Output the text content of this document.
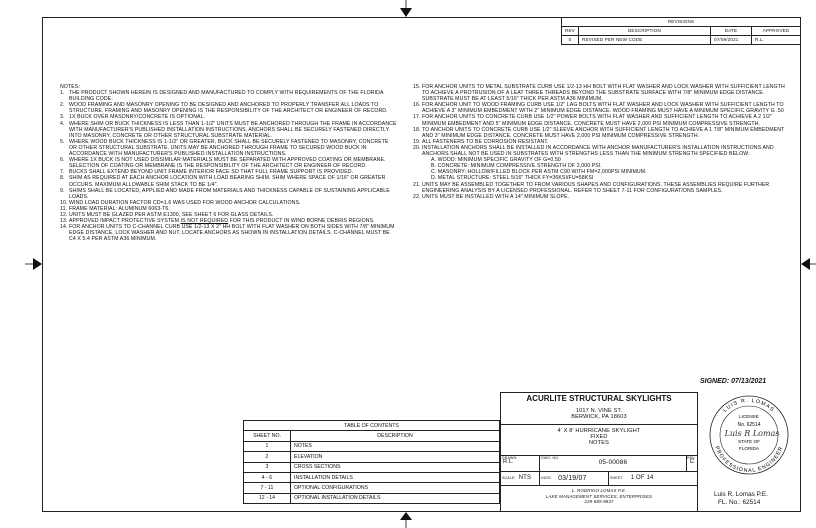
REVISIONS			
REV	DESCRIPTION	DATE	APPROVED
0	REVISED PER NEW CODE	07/09/2021	R.L.
NOTES:
1. THE PRODUCT SHOWN HEREIN IS DESIGNED AND MANUFACTURED TO COMPLY WITH REQUIREMENTS OF THE FLORIDA BUILDING CODE.
2. WOOD FRAMING AND MASONRY OPENING TO BE DESIGNED AND ANCHORED TO PROPERLY TRANSFER ALL LOADS TO STRUCTURE. FRAMING AND MASONRY OPENING IS THE RESPONSIBILITY OF THE ARCHITECT OR ENGINEER OF RECORD.
3. 1X BUCK OVER MASONRY/CONCRETE IS OPTIONAL.
4. WHERE SHIM OR BUCK THICKNESS IS LESS THAN 1-1/2" UNITS MUST BE ANCHORED THROUGH THE FRAME IN ACCORDANCE WITH MANUFACTURER'S PUBLISHED INSTALLATION INSTRUCTIONS. ANCHORS SHALL BE SECURELY FASTENED DIRECTLY INTO MASONRY, CONCRETE OR OTHER STRUCTURAL SUBSTRATE MATERIAL.
5. WHERE WOOD BUCK THICKNESS IS 1-1/2" OR GREATER, BUCK SHALL BE SECURELY FASTENED TO MASONRY, CONCRETE OR OTHER STRUCTURAL SUBSTRATE. UNITS MAY BE ANCHORED THROUGH FRAME TO SECURED WOOD BUCK IN ACCORDANCE WITH MANUFACTURER'S PUBLISHED INSTALLATION INSTRUCTIONS.
6. WHERE 1X BUCK IS NOT USED DISSIMILAR MATERIALS MUST BE SEPARATED WITH APPROVED COATING OR MEMBRANE. SELECTION OF COATING OR MEMBRANE IS THE RESPONSIBILITY OF THE ARCHITECT OR ENGINEER OF RECORD.
7. BUCKS SHALL EXTEND BEYOND UNIT FRAME INTERIOR FACE SO THAT FULL FRAME SUPPORT IS PROVIDED.
8. SHIM AS REQUIRED AT EACH ANCHOR LOCATION WITH LOAD BEARING SHIM. SHIM WHERE SPACE OF 1/16" OR GREATER OCCURS. MAXIMUM ALLOWABLE SHIM STACK TO BE 1/4".
9. SHIMS SHALL BE LOCATED, APPLIED AND MADE FROM MATERIALS AND THICKNESS CAPABLE OF SUSTAINING APPLICABLE LOADS.
10. WIND LOAD DURATION FACTOR CD=1.6 WAS USED FOR WOOD ANCHOR CALCULATIONS.
11. FRAME MATERIAL: ALUMINUM 6063-T6.
12. UNITS MUST BE GLAZED PER ASTM E1300, SEE SHEET 6 FOR GLASS DETAILS.
13. APPROVED IMPACT PROTECTIVE SYSTEM IS NOT REQUIRED FOR THIS PRODUCT IN WIND BORNE DEBRIS REGIONS.
14. FOR ANCHOR UNITS TO C-CHANNEL CURB USE 1/2-13 X 2" HH BOLT WITH FLAT WASHER ON BOTH SIDES WITH 7/8" MINIMUM EDGE DISTANCE, LOCK WASHER AND NUT. LOCATE ANCHORS AS SHOWN IN INSTALLATION DETAILS. C-CHANNEL MUST BE C4 X 5.4 PER ASTM A36 MINIMUM.
15. FOR ANCHOR UNITS TO METAL SUBSTRATE CURB USE 1/2-13 HH BOLT WITH FLAT WASHER AND LOCK WASHER WITH SUFFICIENT LENGTH TO ACHIEVE A PROTRUSION OF A LEAT THREE THREADS BEYOND THE SUBSTRATE SURFACE WITH 7/8" MINIMUM EDGE DISTANCE. SUBSTRATE MUST BE AT LEAST 5/16" THICK PER ASTM A36 MINIMUM.
16. FOR ANCHOR UNIT TO WOOD FRAMING CURB USE 1/2" LAG BOLTS WITH FLAT WASHER AND LOCK WASHER WITH SUFFICIENT LENGTH TO ACHIEVE A 3" MINIMUM EMBEDMENT WITH 2" MINIMUM EDGE DISTANCE. WOOD FRAMING MUST HAVE A MINIMUM SPECIFIC GRAVITY G .50
17. FOR ANCHOR UNITS TO CONCRETE CURB USE 1/2" POWER BOLTS WITH FLAT WASHER AND SUFFICIENT LENGTH TO ACHIEVE A 2 1/2" MINIMUM EMBEDMENT AND 5" MINIMUM EDGE DISTANCE. CONCRETE MUST HAVE 2,000 PSI MINIMUM COMPRESSIVE STRENGTH.
18. TO ANCHOR UNITS TO CONCRETE CURB USE 1/2" SLEEVE ANCHOR WITH SUFFICIENT LENGTH TO ACHIEVE A 1 7/8" MINIMUM EMBEDMENT AND 3" MINIMUM EDGE DISTANCE. CONCRETE MUST HAVE 2,000 PSI MINIMUM COMPRESSIVE STRENGTH.
19. ALL FASTENERS TO BE CORROSION RESISTANT.
20. INSTALLATION ANCHORS SHALL BE INSTALLED IN ACCORDANCE WITH ANCHOR MANUFACTURER'S INSTALLATION INSTRUCTIONS AND ANCHORS SHALL NOT BE USED IN SUBSTRATES WITH STRENGTHS LESS THAN THE MINIMUM STRENGTH SPECIFIED BELOW:
A. WOOD: MINIMUM SPECIFIC GRAVITY OF G=0.50
B. CONCRETE: MINIMUM COMPRESSIVE STRENGTH OF 2,000 PSI.
C. MASONRY: HOLLOW/FILLED BLOCK PER ASTM C90 WITH FM=2,000PSI MINIMUM.
D. METAL STRUCTURE: STEEL 5/16" THICK FY=36KSI/FU=58KSI
21. UNITS MAY BE ASSEMBLED TOGETHER TO FROM VARIOUS SHAPES AND CONFIGURATIONS. THESE ASSEMBLIES REQUIRE FURTHER ENGINEERING ANALYSIS BY A LICENSED PROFESSIONAL. REFER TO SHEET 7-11 FOR CONFIGURATIONS SAMPLES.
22. UNITS MUST BE INSTALLED WITH A 14" MINIMUM SLOPE.
SIGNED: 07/13/2021
TABLE OF CONTENTS	
SHEET NO.	DESCRIPTION
1	NOTES
2	ELEVATION
3	CROSS SECTIONS
4 - 6	INSTALLATION DETAILS
7 - 11	OPTIONAL CONFIGURATIONS
12 - 14	OPTIONAL INSTALLATION DETAILS
ACURLITE STRUCTURAL SKYLIGHTS
1017 N. VINE ST.
BERWICK, PA 18603
4' X 8' HURRICANE SKYLIGHT
FIXED
NOTES
DRAWN:
R.L.
DWG. NO.
05-00086
REV
C
SCALE: NTS	DATE: 03/19/07	SHEET 1 OF 14
L. RODRIGO LOMAS P.E.
LAKE MANAGEMENT SERVICES, ENTERPRISES
239-689-8837
LUIS R. LOMAS
PROFESSIONAL ENGINEER
LICENSE
No. 62514
STATE OF
FLORIDA
Luis R Lomas
Luis R. Lomas P.E.
FL. No.: 62514
